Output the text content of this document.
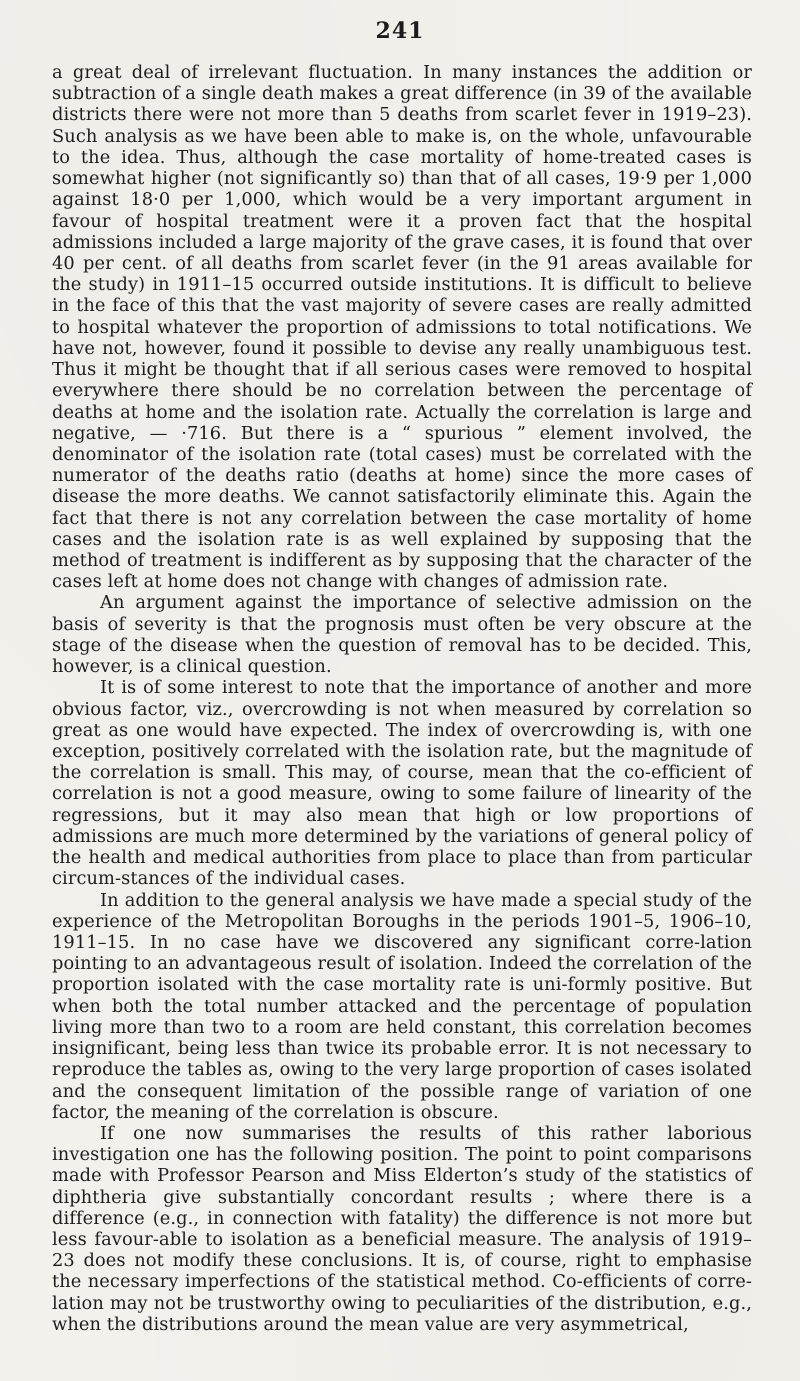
241

a great deal of irrelevant fluctuation. In many instances the addition or subtraction of a single death makes a great difference (in 39 of the available districts there were not more than 5 deaths from scarlet fever in 1919–23). Such analysis as we have been able to make is, on the whole, unfavourable to the idea. Thus, although the case mortality of home-treated cases is somewhat higher (not significantly so) than that of all cases, 19·9 per 1,000 against 18·0 per 1,000, which would be a very important argument in favour of hospital treatment were it a proven fact that the hospital admissions included a large majority of the grave cases, it is found that over 40 per cent. of all deaths from scarlet fever (in the 91 areas available for the study) in 1911–15 occurred outside institutions. It is difficult to believe in the face of this that the vast majority of severe cases are really admitted to hospital whatever the proportion of admissions to total notifications. We have not, however, found it possible to devise any really unambiguous test. Thus it might be thought that if all serious cases were removed to hospital everywhere there should be no correlation between the percentage of deaths at home and the isolation rate. Actually the correlation is large and negative, — ·716. But there is a “ spurious ” element involved, the denominator of the isolation rate (total cases) must be correlated with the numerator of the deaths ratio (deaths at home) since the more cases of disease the more deaths. We cannot satisfactorily eliminate this. Again the fact that there is not any correlation between the case mortality of home cases and the isolation rate is as well explained by supposing that the method of treatment is indifferent as by supposing that the character of the cases left at home does not change with changes of admission rate.

An argument against the importance of selective admission on the basis of severity is that the prognosis must often be very obscure at the stage of the disease when the question of removal has to be decided. This, however, is a clinical question.

It is of some interest to note that the importance of another and more obvious factor, viz., overcrowding is not when measured by correlation so great as one would have expected. The index of overcrowding is, with one exception, positively correlated with the isolation rate, but the magnitude of the correlation is small. This may, of course, mean that the co-efficient of correlation is not a good measure, owing to some failure of linearity of the regressions, but it may also mean that high or low proportions of admissions are much more determined by the variations of general policy of the health and medical authorities from place to place than from particular circum-stances of the individual cases.

In addition to the general analysis we have made a special study of the experience of the Metropolitan Boroughs in the periods 1901–5, 1906–10, 1911–15. In no case have we discovered any significant corre-lation pointing to an advantageous result of isolation. Indeed the correlation of the proportion isolated with the case mortality rate is uni-formly positive. But when both the total number attacked and the percentage of population living more than two to a room are held constant, this correlation becomes insignificant, being less than twice its probable error. It is not necessary to reproduce the tables as, owing to the very large proportion of cases isolated and the consequent limitation of the possible range of variation of one factor, the meaning of the correlation is obscure.

If one now summarises the results of this rather laborious investigation one has the following position. The point to point comparisons made with Professor Pearson and Miss Elderton’s study of the statistics of diphtheria give substantially concordant results ; where there is a difference (e.g., in connection with fatality) the difference is not more but less favour-able to isolation as a beneficial measure. The analysis of 1919–23 does not modify these conclusions. It is, of course, right to emphasise the necessary imperfections of the statistical method. Co-efficients of corre-lation may not be trustworthy owing to peculiarities of the distribution, e.g., when the distributions around the mean value are very asymmetrical,
